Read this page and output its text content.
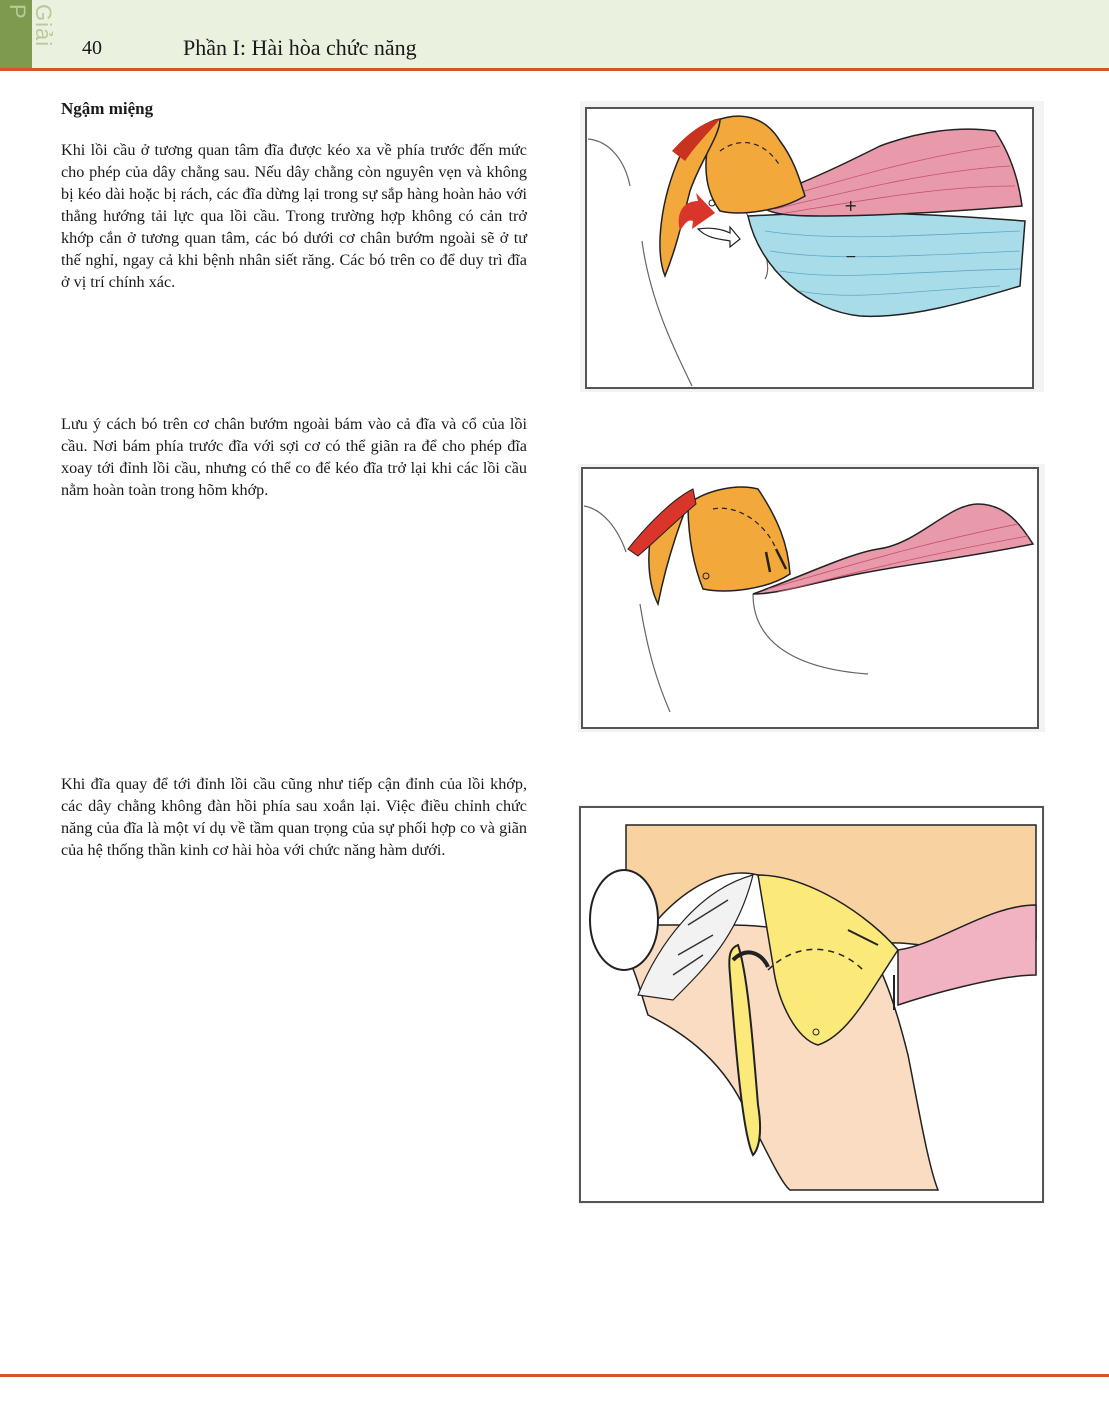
Giải P
40	Phần I: Hài hòa chức năng
Ngậm miệng

Khi lồi cầu ở tương quan tâm đĩa được kéo xa về phía trước đến mức cho phép của dây chằng sau. Nếu dây chằng còn nguyên vẹn và không bị kéo dài hoặc bị rách, các đĩa dừng lại trong sự sắp hàng hoàn hảo với thẳng hướng tải lực qua lồi cầu. Trong trường hợp không có cản trở khớp cắn ở tương quan tâm, các bó dưới cơ chân bướm ngoài sẽ ở tư thế nghỉ, ngay cả khi bệnh nhân siết răng. Các bó trên co để duy trì đĩa ở vị trí chính xác.

Lưu ý cách bó trên cơ chân bướm ngoài bám vào cả đĩa và cổ của lồi cầu. Nơi bám phía trước đĩa với sợi cơ có thể giãn ra để cho phép đĩa xoay tới đỉnh lồi cầu, nhưng có thể co để kéo đĩa trở lại khi các lồi cầu nằm hoàn toàn trong hõm khớp.

Khi đĩa quay để tới đỉnh lồi cầu cũng như tiếp cận đỉnh của lồi khớp, các dây chằng không đàn hồi phía sau xoắn lại. Việc điều chỉnh chức năng của đĩa là một ví dụ về tầm quan trọng của sự phối hợp co và giãn của hệ thống thần kinh cơ hài hòa với chức năng hàm dưới.

+
−
